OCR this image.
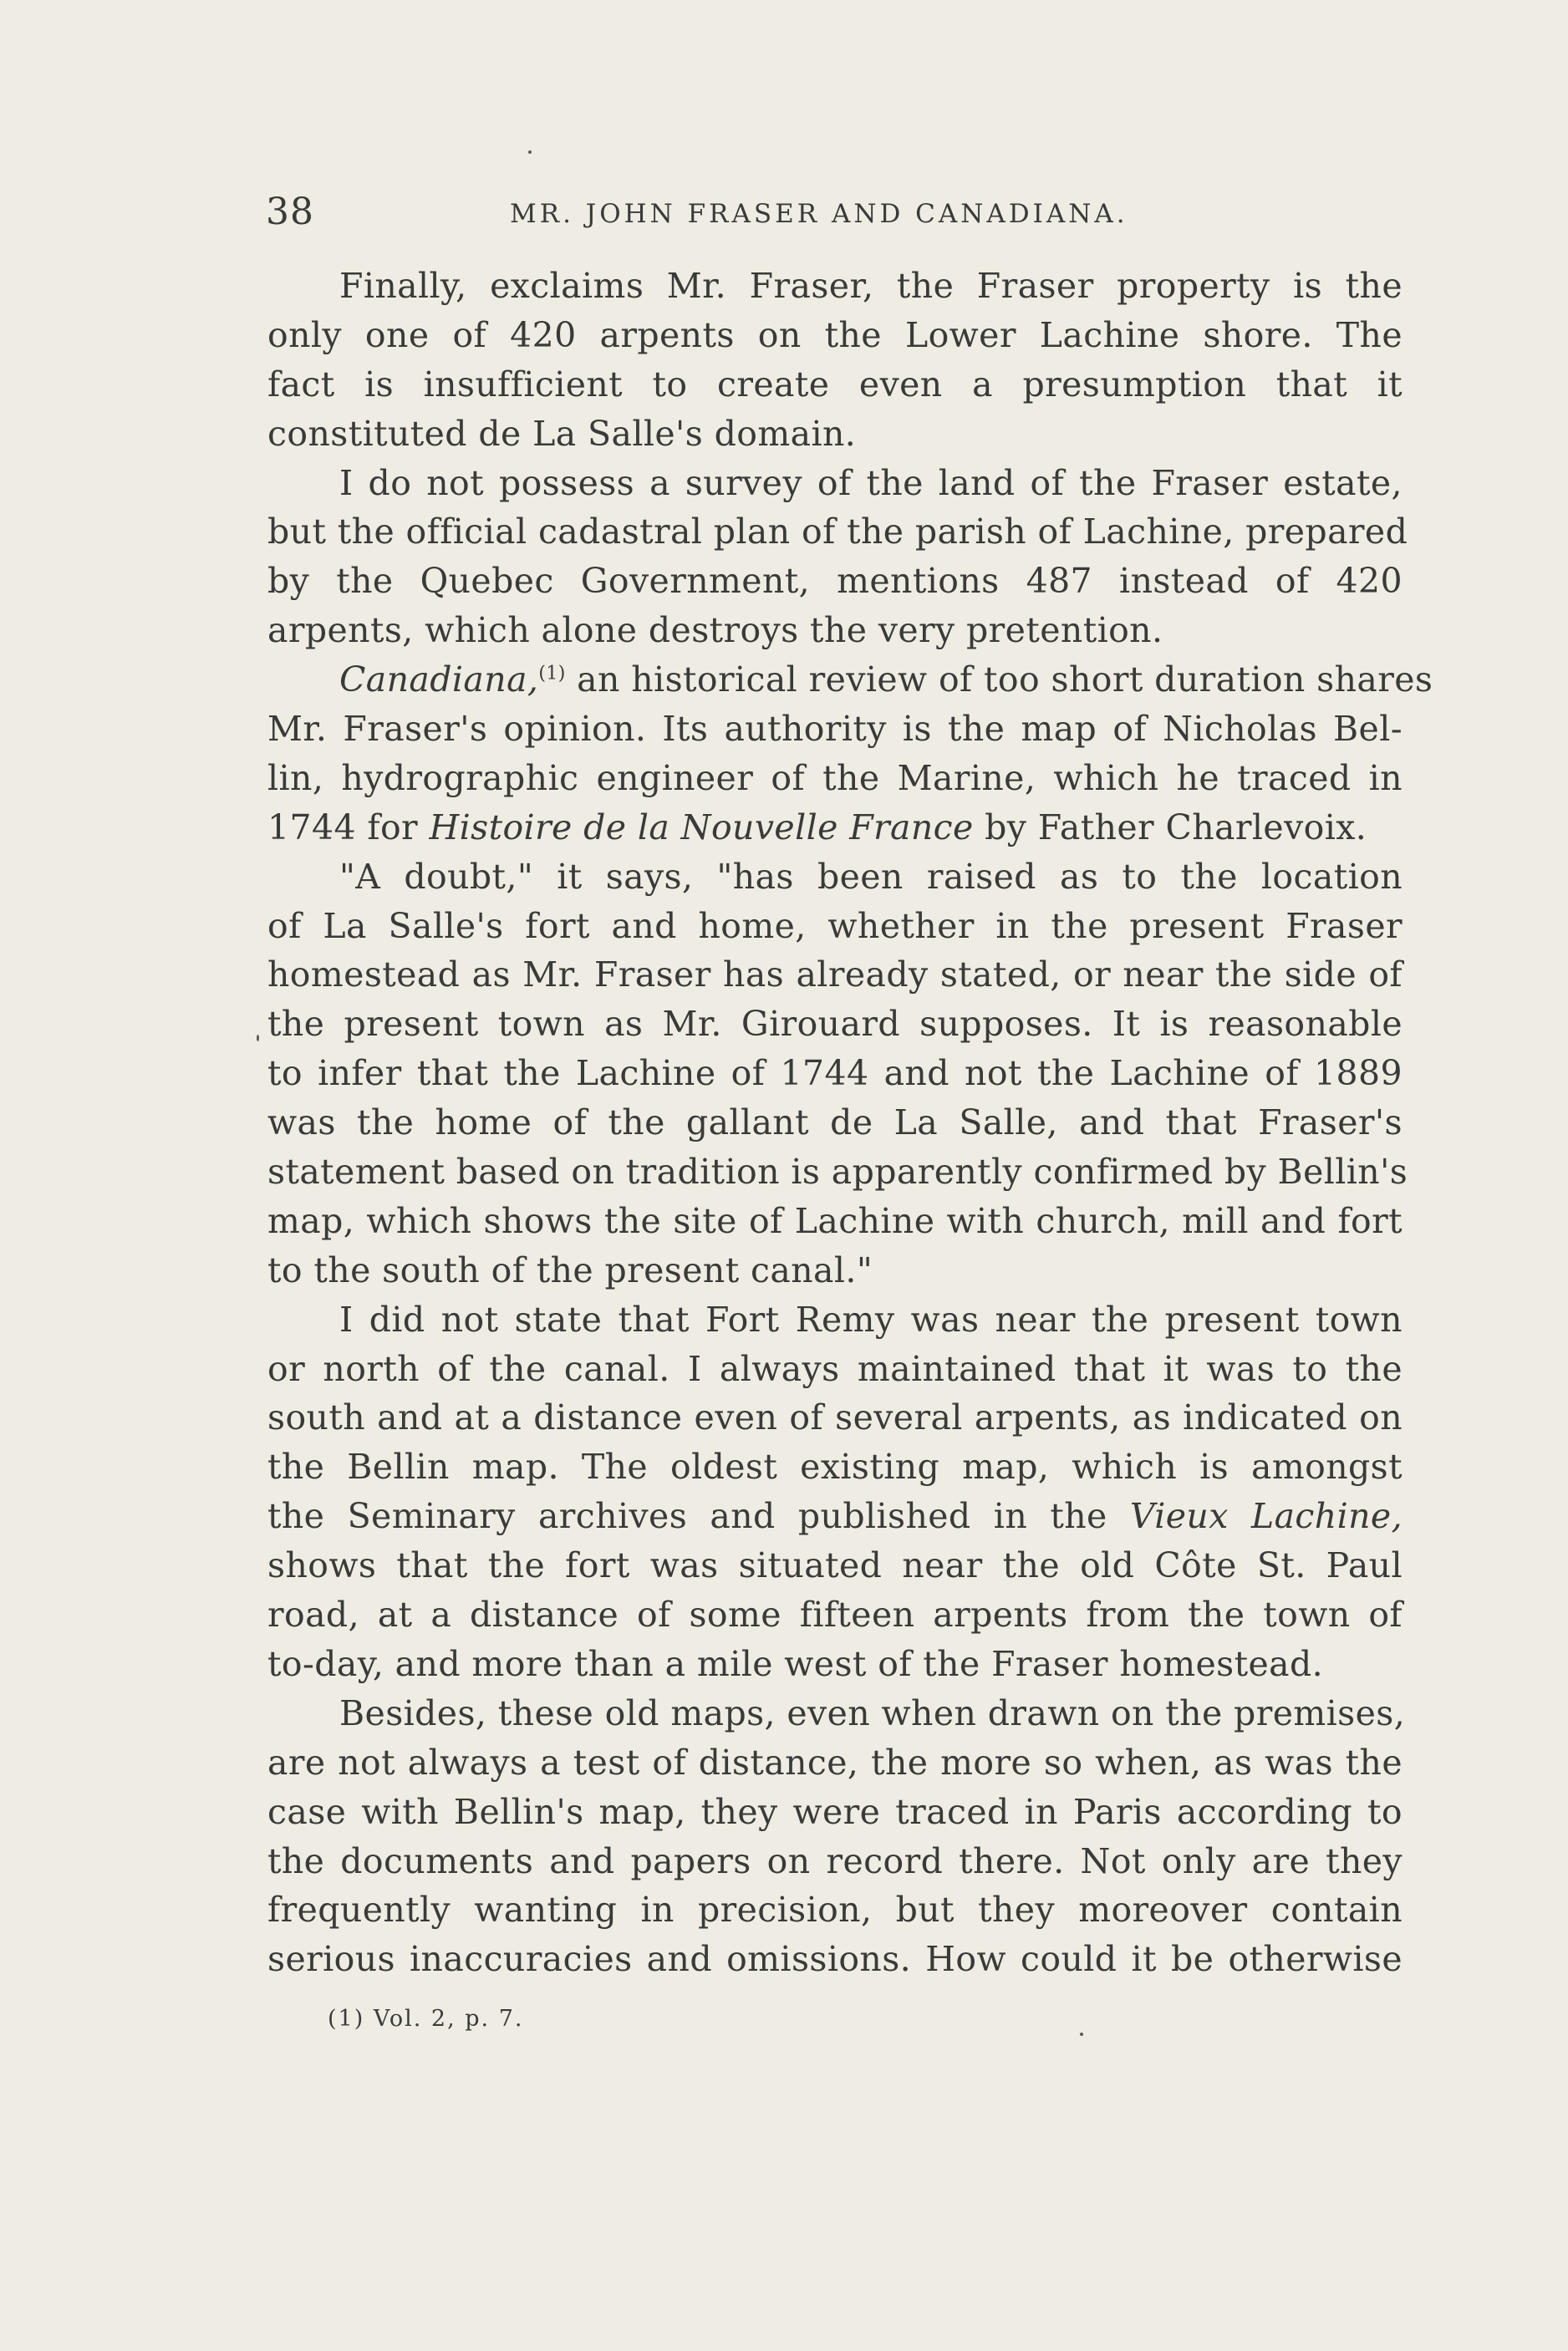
38	MR. JOHN FRASER AND CANADIANA.
Finally, exclaims Mr. Fraser, the Fraser property is the
only one of 420 arpents on the Lower Lachine shore. The
fact is insufficient to create even a presumption that it
constituted de La Salle's domain.
I do not possess a survey of the land of the Fraser estate,
but the official cadastral plan of the parish of Lachine, prepared
by the Quebec Government, mentions 487 instead of 420
arpents, which alone destroys the very pretention.
Canadiana,$^{(1)}$ an historical review of too short duration shares
Mr. Fraser's opinion. Its authority is the map of Nicholas Bel-
lin, hydrographic engineer of the Marine, which he traced in
1744 for Histoire de la Nouvelle France by Father Charlevoix.
"A doubt," it says, "has been raised as to the location
of La Salle's fort and home, whether in the present Fraser
homestead as Mr. Fraser has already stated, or near the side of
the present town as Mr. Girouard supposes. It is reasonable
to infer that the Lachine of 1744 and not the Lachine of 1889
was the home of the gallant de La Salle, and that Fraser's
statement based on tradition is apparently confirmed by Bellin's
map, which shows the site of Lachine with church, mill and fort
to the south of the present canal."
I did not state that Fort Remy was near the present town
or north of the canal. I always maintained that it was to the
south and at a distance even of several arpents, as indicated on
the Bellin map. The oldest existing map, which is amongst
the Seminary archives and published in the Vieux Lachine,
shows that the fort was situated near the old Côte St. Paul
road, at a distance of some fifteen arpents from the town of
to-day, and more than a mile west of the Fraser homestead.
Besides, these old maps, even when drawn on the premises,
are not always a test of distance, the more so when, as was the
case with Bellin's map, they were traced in Paris according to
the documents and papers on record there. Not only are they
frequently wanting in precision, but they moreover contain
serious inaccuracies and omissions. How could it be otherwise
(1) Vol. 2, p. 7.
